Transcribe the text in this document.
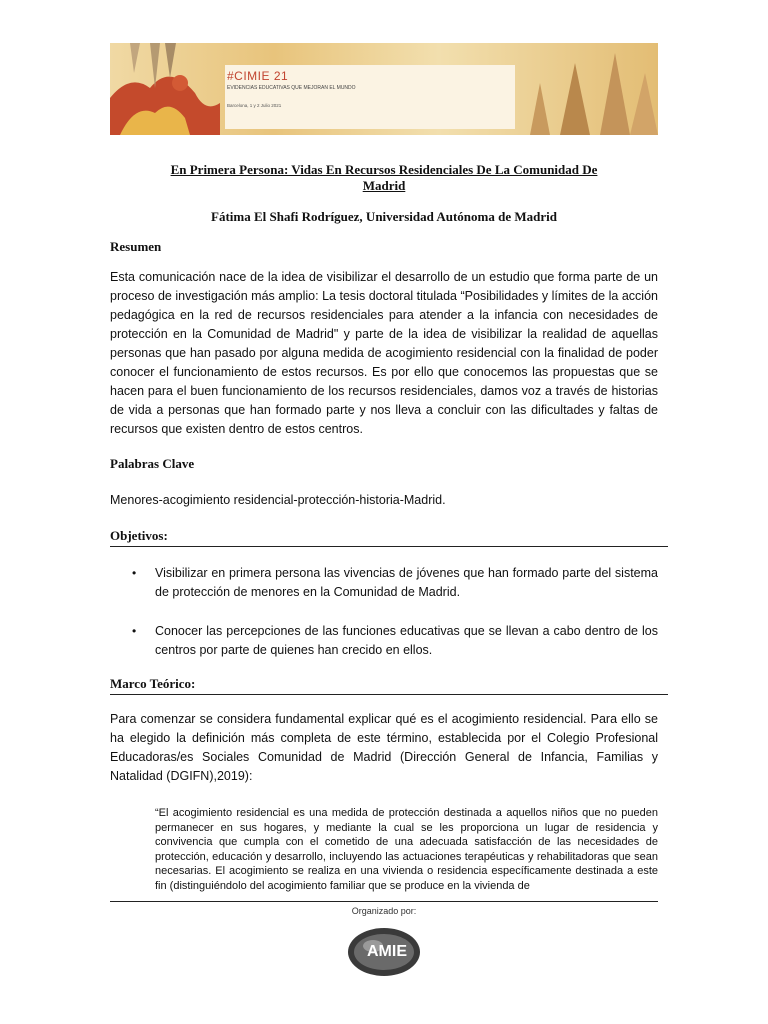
#CIMIE 21
EVIDENCIAS EDUCATIVAS QUE MEJORAN EL MUNDO
Barcelona, 1 y 2 Julio 2021
En Primera Persona: Vidas En Recursos Residenciales De La Comunidad De Madrid
Fátima El Shafi Rodríguez, Universidad Autónoma de Madrid
Resumen
Esta comunicación nace de la idea de visibilizar el desarrollo de un estudio que forma parte de un proceso de investigación más amplio: La tesis doctoral titulada “Posibilidades y límites de la acción pedagógica en la red de recursos residenciales para atender a la infancia con necesidades de protección en la Comunidad de Madrid" y parte de la idea de visibilizar la realidad de aquellas personas que han pasado por alguna medida de acogimiento residencial con la finalidad de poder conocer el funcionamiento de estos recursos. Es por ello que conocemos las propuestas que se hacen para el buen funcionamiento de los recursos residenciales, damos voz a través de historias de vida a personas que han formado parte y nos lleva a concluir con las dificultades y faltas de recursos que existen dentro de estos centros.
Palabras Clave
Menores-acogimiento residencial-protección-historia-Madrid.
Objetivos:
• Visibilizar en primera persona las vivencias de jóvenes que han formado parte del sistema de protección de menores en la Comunidad de Madrid.
• Conocer las percepciones de las funciones educativas que se llevan a cabo dentro de los centros por parte de quienes han crecido en ellos.
Marco Teórico:
Para comenzar se considera fundamental explicar qué es el acogimiento residencial. Para ello se ha elegido la definición más completa de este término, establecida por el Colegio Profesional Educadoras/es Sociales Comunidad de Madrid (Dirección General de Infancia, Familias y Natalidad (DGIFN),2019):
“El acogimiento residencial es una medida de protección destinada a aquellos niños que no pueden permanecer en sus hogares, y mediante la cual se les proporciona un lugar de residencia y convivencia que cumpla con el cometido de una adecuada satisfacción de las necesidades de protección, educación y desarrollo, incluyendo las actuaciones terapéuticas y rehabilitadoras que sean necesarias. El acogimiento se realiza en una vivienda o residencia específicamente destinada a este fin (distinguiéndolo del acogimiento familiar que se produce en la vivienda de
Organizado por:
AMIE
